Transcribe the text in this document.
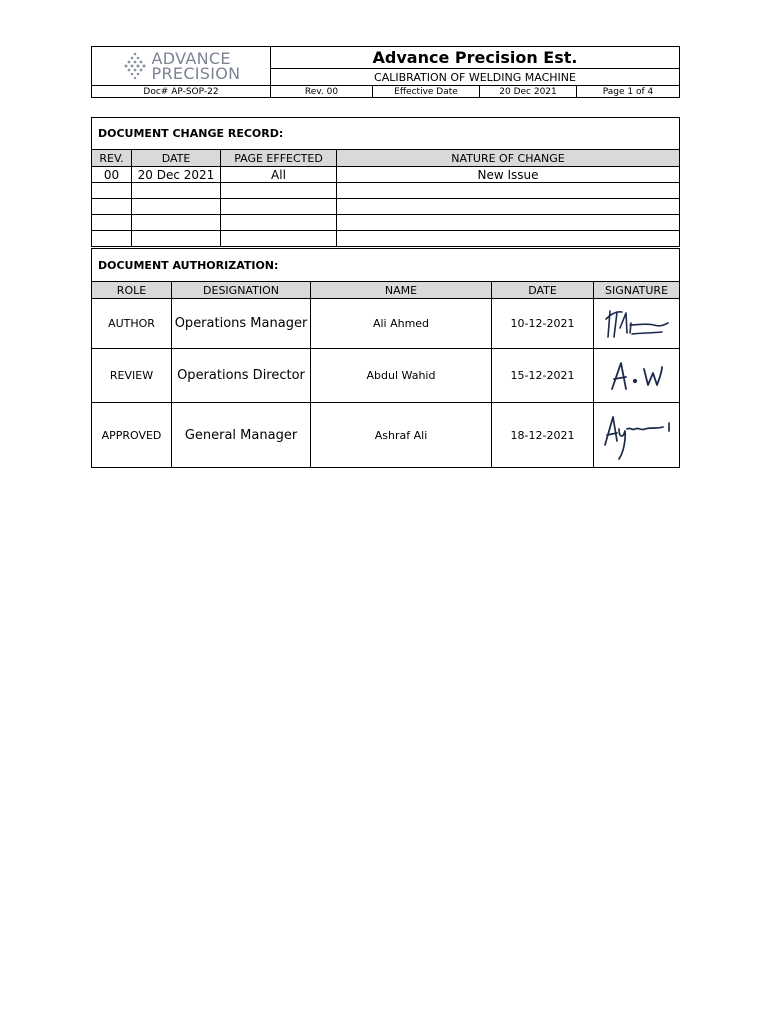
ADVANCE
PRECISION	Advance Precision Est.			
	CALIBRATION OF WELDING MACHINE			
Doc# AP-SOP-22	Rev. 00	Effective Date	20 Dec 2021	Page 1 of 4
DOCUMENT CHANGE RECORD:			
REV.	DATE	PAGE EFFECTED	NATURE OF CHANGE
00	20 Dec 2021	All	New Issue

DOCUMENT AUTHORIZATION:				
ROLE	DESIGNATION	NAME	DATE	SIGNATURE
AUTHOR	Operations Manager	Ali Ahmed	10-12-2021	

REVIEW	Operations Director	Abdul Wahid	15-12-2021	

APPROVED	General Manager	Ashraf Ali	18-12-2021	
